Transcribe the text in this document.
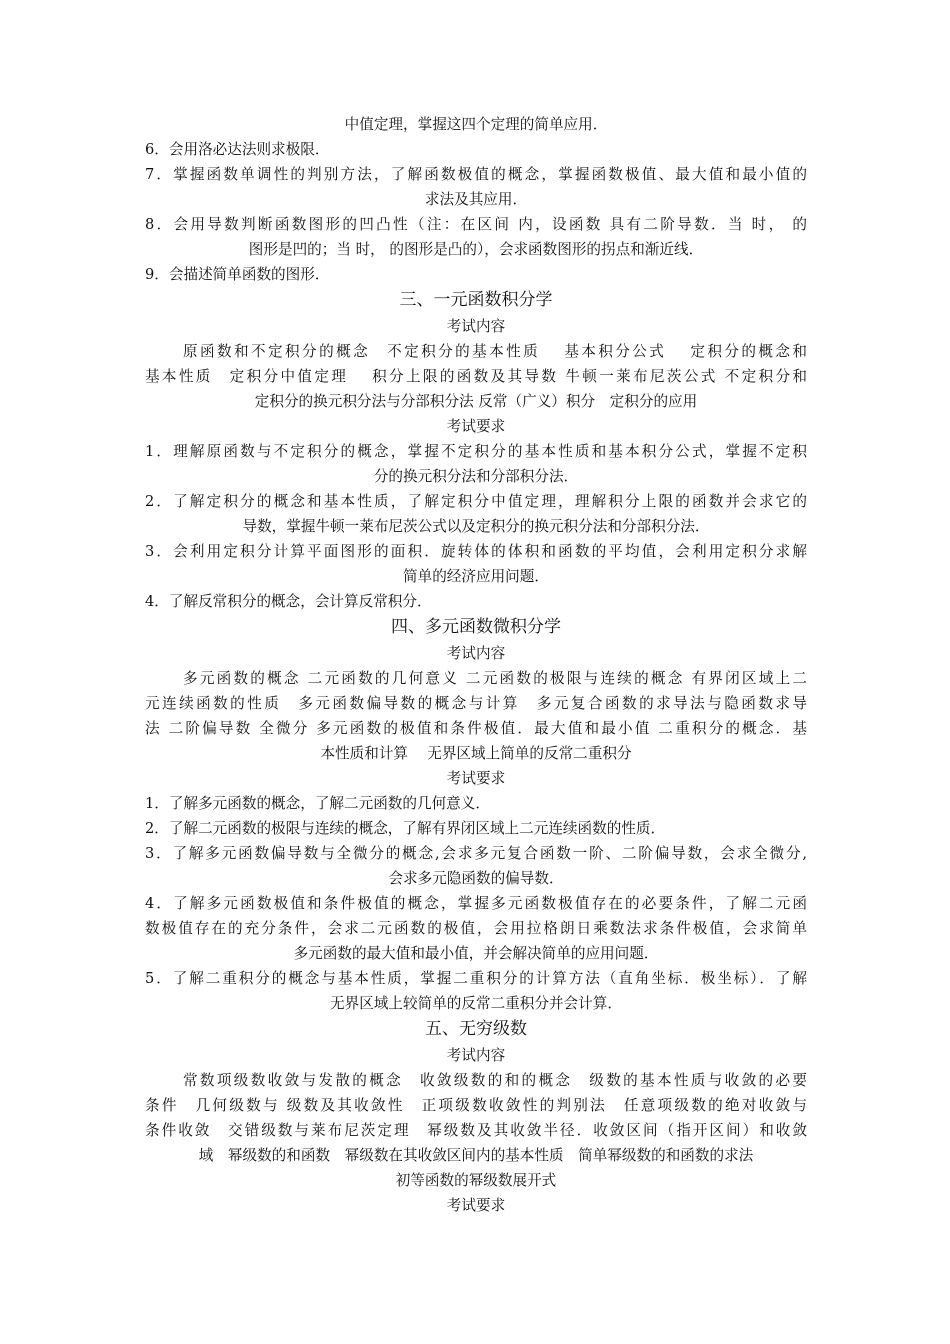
中值定理，掌握这四个定理的简单应用．
6．会用洛必达法则求极限．
7．掌握函数单调性的判别方法，了解函数极值的概念，掌握函数极值、最大值和最小值的
求法及其应用．
8．会用导数判断函数图形的凹凸性（注：在区间 内，设函数 具有二阶导数．当 时， 的
图形是凹的；当 时， 的图形是凸的），会求函数图形的拐点和渐近线．
9．会描述简单函数的图形．
三、一元函数积分学
考试内容
原函数和不定积分的概念　不定积分的基本性质　 基本积分公式　 定积分的概念和
基本性质　定积分中值定理　 积分上限的函数及其导数 牛顿一莱布尼茨公式 不定积分和
定积分的换元积分法与分部积分法 反常（广义）积分　定积分的应用
考试要求
1．理解原函数与不定积分的概念，掌握不定积分的基本性质和基本积分公式，掌握不定积
分的换元积分法和分部积分法．
2．了解定积分的概念和基本性质，了解定积分中值定理，理解积分上限的函数并会求它的
导数，掌握牛顿一莱布尼茨公式以及定积分的换元积分法和分部积分法．
3．会利用定积分计算平面图形的面积．旋转体的体积和函数的平均值，会利用定积分求解
简单的经济应用问题．
4．了解反常积分的概念，会计算反常积分．
四、多元函数微积分学
考试内容
多元函数的概念 二元函数的几何意义 二元函数的极限与连续的概念 有界闭区域上二
元连续函数的性质　多元函数偏导数的概念与计算　多元复合函数的求导法与隐函数求导
法 二阶偏导数 全微分 多元函数的极值和条件极值．最大值和最小值 二重积分的概念．基
本性质和计算　 无界区域上简单的反常二重积分
考试要求
1．了解多元函数的概念，了解二元函数的几何意义．
2．了解二元函数的极限与连续的概念，了解有界闭区域上二元连续函数的性质．
3．了解多元函数偏导数与全微分的概念,会求多元复合函数一阶、二阶偏导数，会求全微分,
会求多元隐函数的偏导数．
4．了解多元函数极值和条件极值的概念，掌握多元函数极值存在的必要条件，了解二元函
数极值存在的充分条件，会求二元函数的极值，会用拉格朗日乘数法求条件极值，会求简单
多元函数的最大值和最小值，并会解决简单的应用问题．
5．了解二重积分的概念与基本性质，掌握二重积分的计算方法（直角坐标．极坐标）．了解
无界区域上较简单的反常二重积分并会计算．
五、无穷级数
考试内容
常数项级数收敛与发散的概念　收敛级数的和的概念　级数的基本性质与收敛的必要
条件　几何级数与 级数及其收敛性　正项级数收敛性的判别法　任意项级数的绝对收敛与
条件收敛　交错级数与莱布尼茨定理　幂级数及其收敛半径．收敛区间（指开区间）和收敛
域　幂级数的和函数　幂级数在其收敛区间内的基本性质　简单幂级数的和函数的求法
初等函数的幂级数展开式
考试要求
